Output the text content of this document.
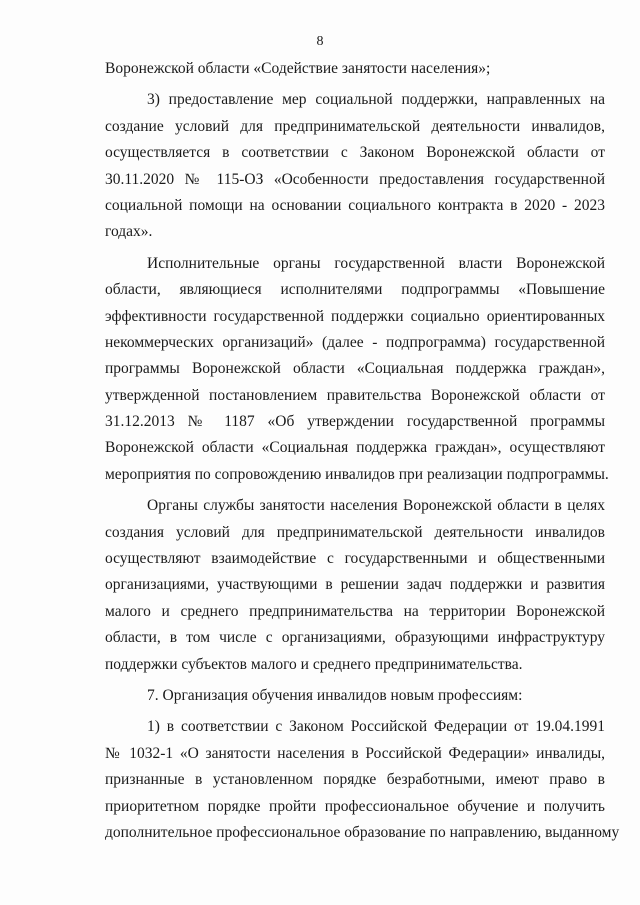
8
Воронежской области «Содействие занятости населения»;
3) предоставление мер социальной поддержки, направленных на
создание условий для предпринимательской деятельности инвалидов,
осуществляется в соответствии с Законом Воронежской области от
30.11.2020 № 115-ОЗ «Особенности предоставления государственной
социальной помощи на основании социального контракта в 2020 - 2023
годах».
Исполнительные органы государственной власти Воронежской
области, являющиеся исполнителями подпрограммы «Повышение
эффективности государственной поддержки социально ориентированных
некоммерческих организаций» (далее - подпрограмма) государственной
программы Воронежской области «Социальная поддержка граждан»,
утвержденной постановлением правительства Воронежской области от
31.12.2013 № 1187 «Об утверждении государственной программы
Воронежской области «Социальная поддержка граждан», осуществляют
мероприятия по сопровождению инвалидов при реализации подпрограммы.
Органы службы занятости населения Воронежской области в целях
создания условий для предпринимательской деятельности инвалидов
осуществляют взаимодействие с государственными и общественными
организациями, участвующими в решении задач поддержки и развития
малого и среднего предпринимательства на территории Воронежской
области, в том числе с организациями, образующими инфраструктуру
поддержки субъектов малого и среднего предпринимательства.
7. Организация обучения инвалидов новым профессиям:
1) в соответствии с Законом Российской Федерации от 19.04.1991
№ 1032-1 «О занятости населения в Российской Федерации» инвалиды,
признанные в установленном порядке безработными, имеют право в
приоритетном порядке пройти профессиональное обучение и получить
дополнительное профессиональное образование по направлению, выданному
